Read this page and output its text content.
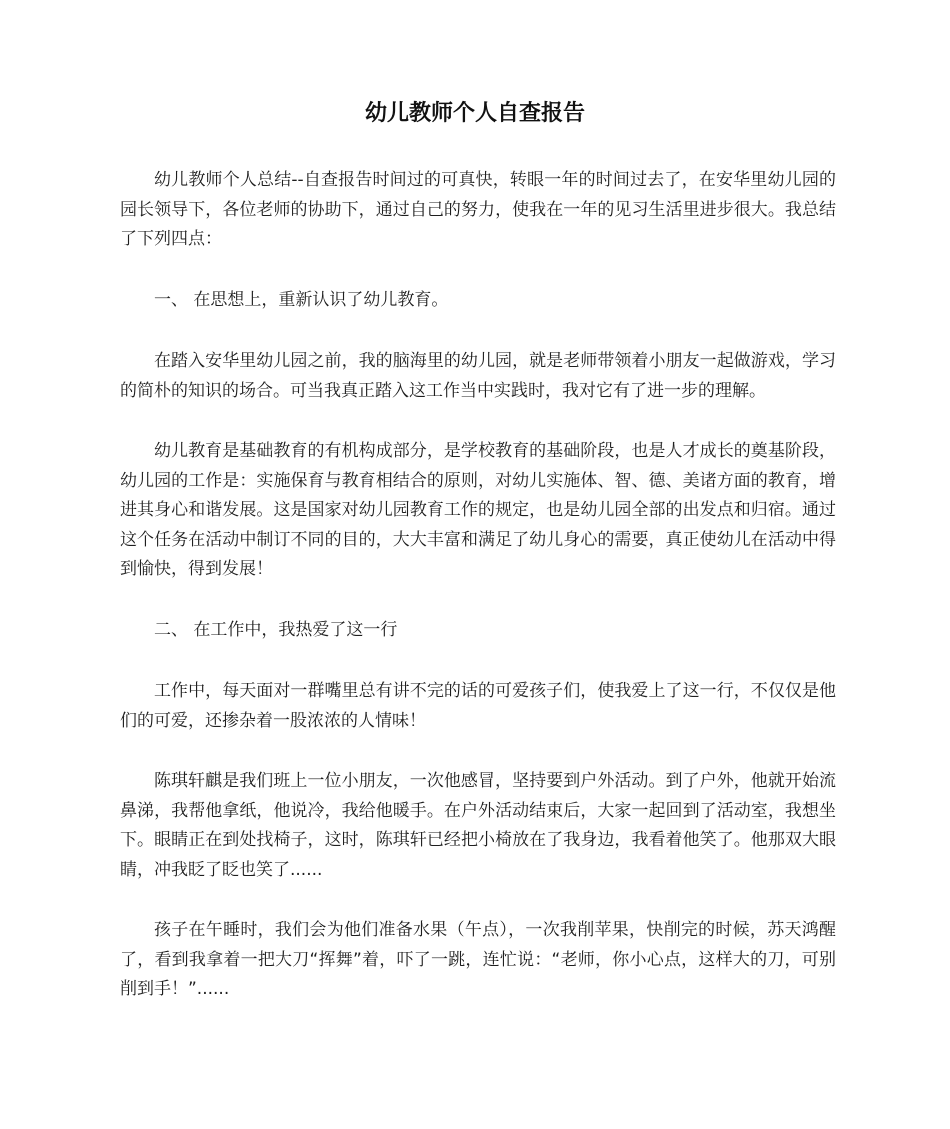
幼儿教师个人自查报告

幼儿教师个人总结--自查报告时间过的可真快，转眼一年的时间过去了，在安华里幼儿园的园长领导下，各位老师的协助下，通过自己的努力，使我在一年的见习生活里进步很大。我总结了下列四点：

一、 在思想上，重新认识了幼儿教育。

在踏入安华里幼儿园之前，我的脑海里的幼儿园，就是老师带领着小朋友一起做游戏，学习的简朴的知识的场合。可当我真正踏入这工作当中实践时，我对它有了进一步的理解。

幼儿教育是基础教育的有机构成部分，是学校教育的基础阶段，也是人才成长的奠基阶段，幼儿园的工作是：实施保育与教育相结合的原则，对幼儿实施体、智、德、美诸方面的教育，增进其身心和谐发展。这是国家对幼儿园教育工作的规定，也是幼儿园全部的出发点和归宿。通过这个任务在活动中制订不同的目的，大大丰富和满足了幼儿身心的需要，真正使幼儿在活动中得到愉快，得到发展！

二、 在工作中，我热爱了这一行

工作中，每天面对一群嘴里总有讲不完的话的可爱孩子们，使我爱上了这一行，不仅仅是他们的可爱，还掺杂着一股浓浓的人情味！

陈琪轩麒是我们班上一位小朋友，一次他感冒，坚持要到户外活动。到了户外，他就开始流鼻涕，我帮他拿纸，他说冷，我给他暖手。在户外活动结束后，大家一起回到了活动室，我想坐下。眼睛正在到处找椅子，这时，陈琪轩已经把小椅放在了我身边，我看着他笑了。他那双大眼睛，冲我眨了眨也笑了......

孩子在午睡时，我们会为他们准备水果（午点），一次我削苹果，快削完的时候，苏天鸿醒了，看到我拿着一把大刀“挥舞”着，吓了一跳，连忙说：“老师，你小心点，这样大的刀，可别削到手！”......
